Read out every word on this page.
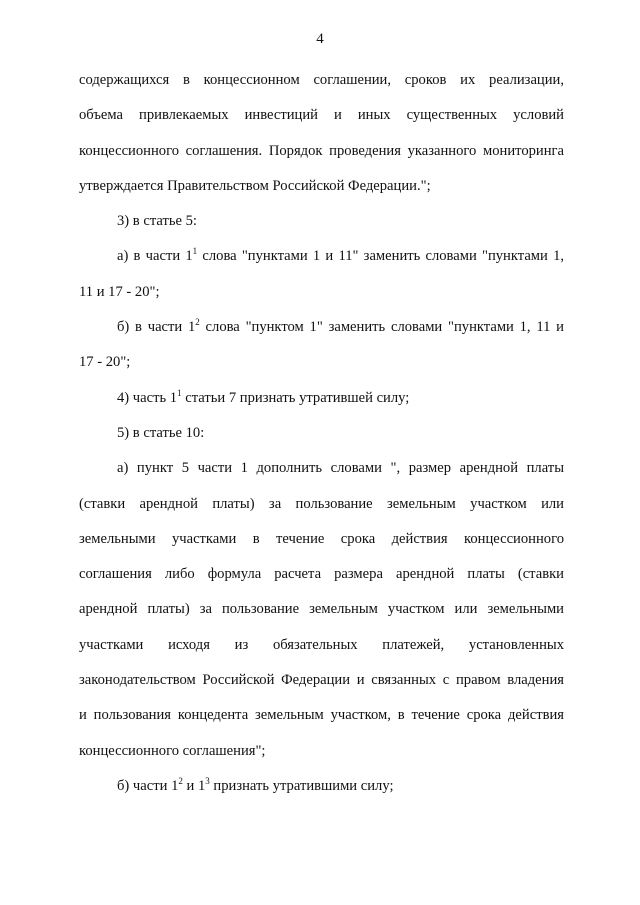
4
содержащихся в концессионном соглашении, сроков их реализации,
объема привлекаемых инвестиций и иных существенных условий
концессионного соглашения. Порядок проведения указанного мониторинга
утверждается Правительством Российской Федерации.";
3) в статье 5:
а) в части $1^1$ слова "пунктами 1 и 11" заменить словами "пунктами 1,
11 и 17 - 20";
б) в части $1^2$ слова "пунктом 1" заменить словами "пунктами 1, 11 и
17 - 20";
4) часть $1^1$ статьи 7 признать утратившей силу;
5) в статье 10:
а) пункт 5 части 1 дополнить словами ", размер арендной платы
(ставки арендной платы) за пользование земельным участком или
земельными участками в течение срока действия концессионного
соглашения либо формула расчета размера арендной платы (ставки
арендной платы) за пользование земельным участком или земельными
участками исходя из обязательных платежей, установленных
законодательством Российской Федерации и связанных с правом владения
и пользования концедента земельным участком, в течение срока действия
концессионного соглашения";
б) части $1^2$ и $1^3$ признать утратившими силу;
